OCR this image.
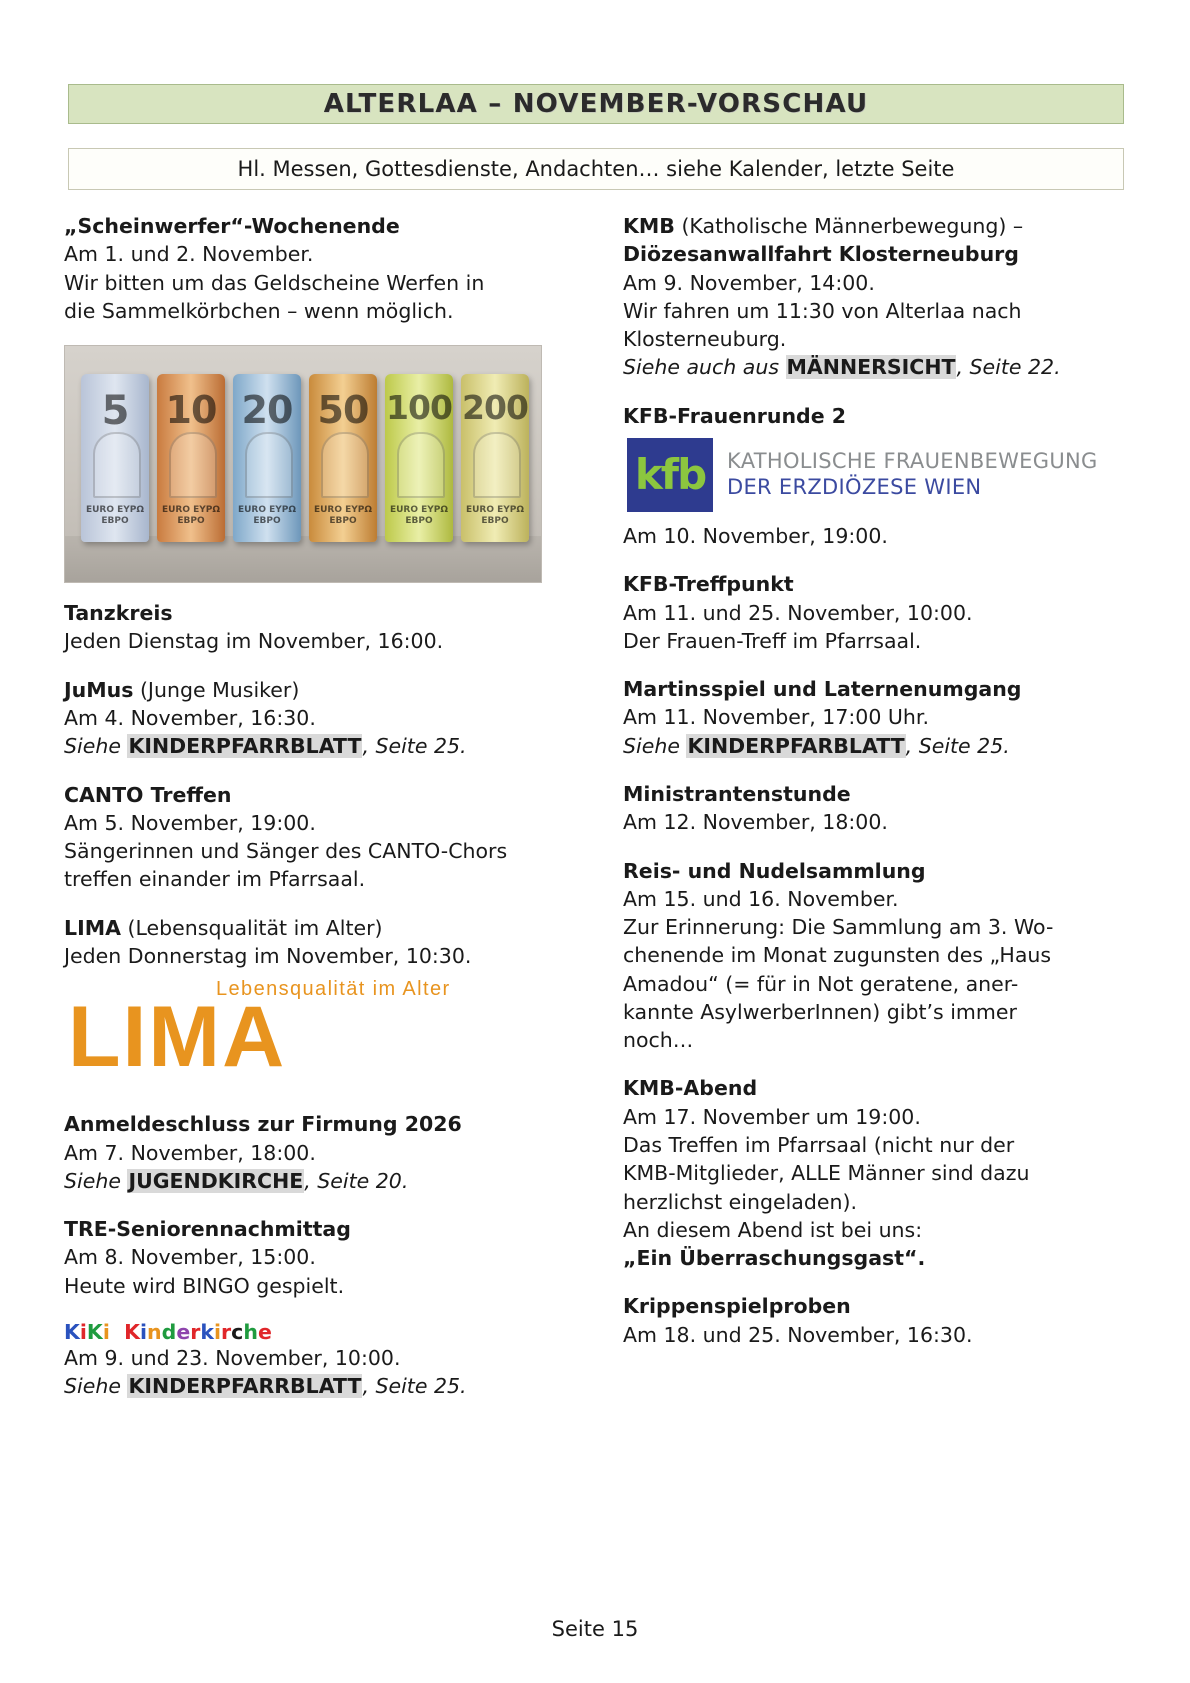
ALTERLAA – NOVEMBER-VORSCHAU
Hl. Messen, Gottesdienste, Andachten… siehe Kalender, letzte Seite
„Scheinwerfer“-Wochenende
Am 1. und 2. November.
Wir bitten um das Geldscheine Werfen in
die Sammelkörbchen – wenn möglich.
5
EURO EYPΩ ЕВРО
10
EURO EYPΩ ЕВРО
20
EURO EYPΩ ЕВРО
50
EURO EYPΩ ЕВРО
100
EURO EYPΩ ЕВРО
200
EURO EYPΩ ЕВРО
Tanzkreis
Jeden Dienstag im November, 16:00.
JuMus (Junge Musiker)
Am 4. November, 16:30.
Siehe KINDERPFARRBLATT, Seite 25.
CANTO Treffen
Am 5. November, 19:00.
Sängerinnen und Sänger des CANTO-Chors
treffen einander im Pfarrsaal.
LIMA (Lebensqualität im Alter)
Jeden Donnerstag im November, 10:30.
LIMA
Lebensqualität im Alter
Anmeldeschluss zur Firmung 2026
Am 7. November, 18:00.
Siehe JUGENDKIRCHE, Seite 20.
TRE-Seniorennachmittag
Am 8. November, 15:00.
Heute wird BINGO gespielt.
KiKi Kinderkirche
Am 9. und 23. November, 10:00.
Siehe KINDERPFARRBLATT, Seite 25.
KMB (Katholische Männerbewegung) –
Diözesanwallfahrt Klosterneuburg
Am 9. November, 14:00.
Wir fahren um 11:30 von Alterlaa nach
Klosterneuburg.
Siehe auch aus MÄNNERSICHT, Seite 22.
KFB-Frauenrunde 2
kfb	KATHOLISCHE FRAUENBEWEGUNG
DER ERZDIÖZESE WIEN
Am 10. November, 19:00.
KFB-Treffpunkt
Am 11. und 25. November, 10:00.
Der Frauen-Treff im Pfarrsaal.
Martinsspiel und Laternenumgang
Am 11. November, 17:00 Uhr.
Siehe KINDERPFARBLATT, Seite 25.
Ministrantenstunde
Am 12. November, 18:00.
Reis- und Nudelsammlung
Am 15. und 16. November.
Zur Erinnerung: Die Sammlung am 3. Wo-
chenende im Monat zugunsten des „Haus
Amadou“ (= für in Not geratene, aner-
kannte AsylwerberInnen) gibt’s immer
noch…
KMB-Abend
Am 17. November um 19:00.
Das Treffen im Pfarrsaal (nicht nur der
KMB-Mitglieder, ALLE Männer sind dazu
herzlichst eingeladen).
An diesem Abend ist bei uns:
„Ein Überraschungsgast“.
Krippenspielproben
Am 18. und 25. November, 16:30.
Seite 15
